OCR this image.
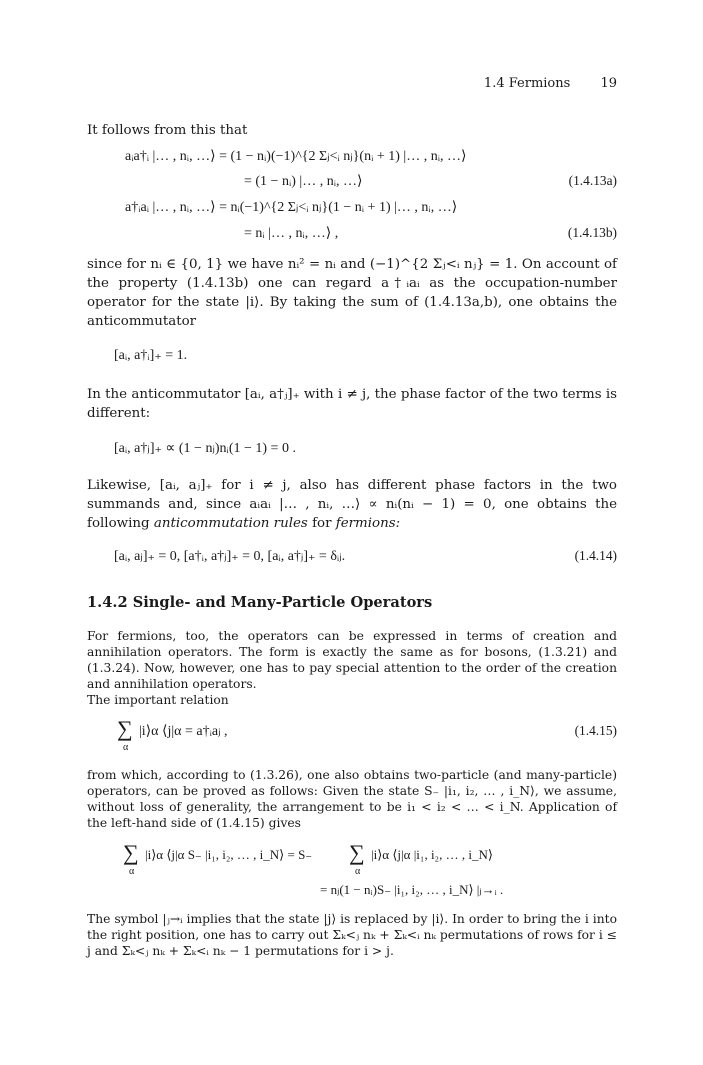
1.4 Fermions 19

It follows from this that

aᵢa†ᵢ |… , nᵢ, …⟩ = (1 − nᵢ)(−1)^{2 Σⱼ<ᵢ nⱼ}(nᵢ + 1) |… , nᵢ, …⟩
= (1 − nᵢ) |… , nᵢ, …⟩	(1.4.13a)
a†ᵢaᵢ |… , nᵢ, …⟩ = nᵢ(−1)^{2 Σⱼ<ᵢ nⱼ}(1 − nᵢ + 1) |… , nᵢ, …⟩
= nᵢ |… , nᵢ, …⟩ ,	(1.4.13b)

since for nᵢ ∈ {0, 1} we have nᵢ² = nᵢ and (−1)^{2 Σⱼ<ᵢ nⱼ} = 1. On account of the property (1.4.13b) one can regard a†ᵢaᵢ as the occupation-number operator for the state |i⟩. By taking the sum of (1.4.13a,b), one obtains the anticommutator

[aᵢ, a†ᵢ]₊ = 1.

In the anticommutator [aᵢ, a†ⱼ]₊ with i ≠ j, the phase factor of the two terms is different:

[aᵢ, a†ⱼ]₊ ∝ (1 − nⱼ)nᵢ(1 − 1) = 0 .

Likewise, [aᵢ, aⱼ]₊ for i ≠ j, also has different phase factors in the two summands and, since aᵢaᵢ |… , nᵢ, …⟩ ∝ nᵢ(nᵢ − 1) = 0, one obtains the following anticommutation rules for fermions:

[aᵢ, aⱼ]₊ = 0, [a†ᵢ, a†ⱼ]₊ = 0, [aᵢ, a†ⱼ]₊ = δᵢⱼ.	(1.4.14)
1.4.2 Single- and Many-Particle Operators

For fermions, too, the operators can be expressed in terms of creation and annihilation operators. The form is exactly the same as for bosons, (1.3.21) and (1.3.24). Now, however, one has to pay special attention to the order of the creation and annihilation operators.

The important relation

∑
α
|i⟩α ⟨j|α = a†ᵢaⱼ ,	(1.4.15)

from which, according to (1.3.26), one also obtains two-particle (and many-particle) operators, can be proved as follows: Given the state S₋ |i₁, i₂, … , i_N⟩, we assume, without loss of generality, the arrangement to be i₁ < i₂ < … < i_N. Application of the left-hand side of (1.4.15) gives

∑
α
|i⟩α ⟨j|α S₋ |i₁, i₂, … , i_N⟩ = S₋ ∑
α
|i⟩α ⟨j|α |i₁, i₂, … , i_N⟩
= nⱼ(1 − nᵢ)S₋ |i₁, i₂, … , i_N⟩ |ⱼ→ᵢ .

The symbol |ⱼ→ᵢ implies that the state |j⟩ is replaced by |i⟩. In order to bring the i into the right position, one has to carry out Σₖ<ⱼ nₖ + Σₖ<ᵢ nₖ permutations of rows for i ≤ j and Σₖ<ⱼ nₖ + Σₖ<ᵢ nₖ − 1 permutations for i > j.
